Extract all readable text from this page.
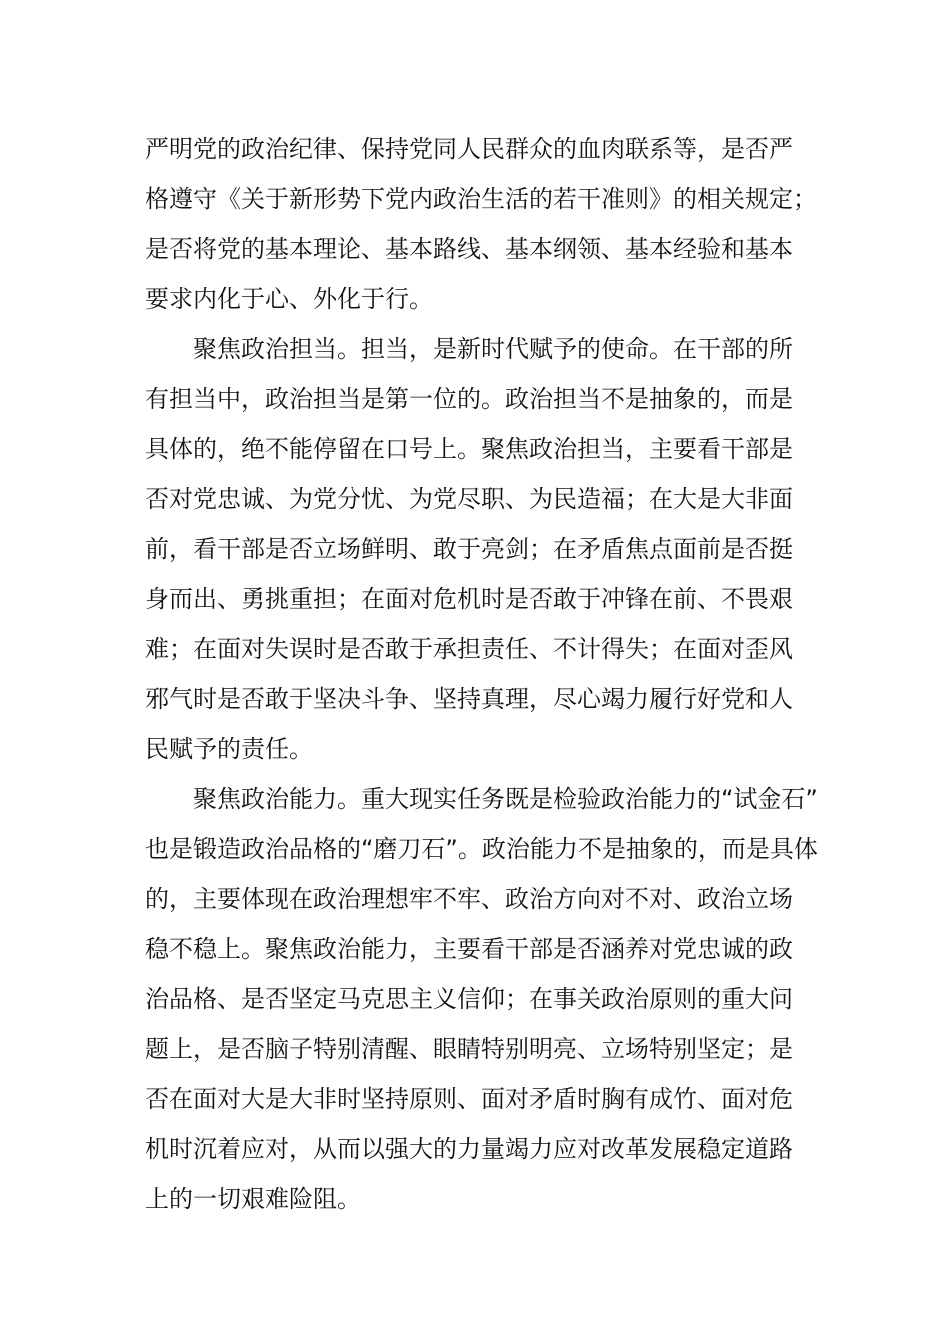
严明党的政治纪律、保持党同人民群众的血肉联系等，是否严
格遵守《关于新形势下党内政治生活的若干准则》的相关规定；
是否将党的基本理论、基本路线、基本纲领、基本经验和基本
要求内化于心、外化于行。
聚焦政治担当。担当，是新时代赋予的使命。在干部的所
有担当中，政治担当是第一位的。政治担当不是抽象的，而是
具体的，绝不能停留在口号上。聚焦政治担当，主要看干部是
否对党忠诚、为党分忧、为党尽职、为民造福；在大是大非面
前，看干部是否立场鲜明、敢于亮剑；在矛盾焦点面前是否挺
身而出、勇挑重担；在面对危机时是否敢于冲锋在前、不畏艰
难；在面对失误时是否敢于承担责任、不计得失；在面对歪风
邪气时是否敢于坚决斗争、坚持真理，尽心竭力履行好党和人
民赋予的责任。
聚焦政治能力。重大现实任务既是检验政治能力的“试金石”
也是锻造政治品格的“磨刀石”。政治能力不是抽象的，而是具体
的，主要体现在政治理想牢不牢、政治方向对不对、政治立场
稳不稳上。聚焦政治能力，主要看干部是否涵养对党忠诚的政
治品格、是否坚定马克思主义信仰；在事关政治原则的重大问
题上，是否脑子特别清醒、眼睛特别明亮、立场特别坚定；是
否在面对大是大非时坚持原则、面对矛盾时胸有成竹、面对危
机时沉着应对，从而以强大的力量竭力应对改革发展稳定道路
上的一切艰难险阻。
